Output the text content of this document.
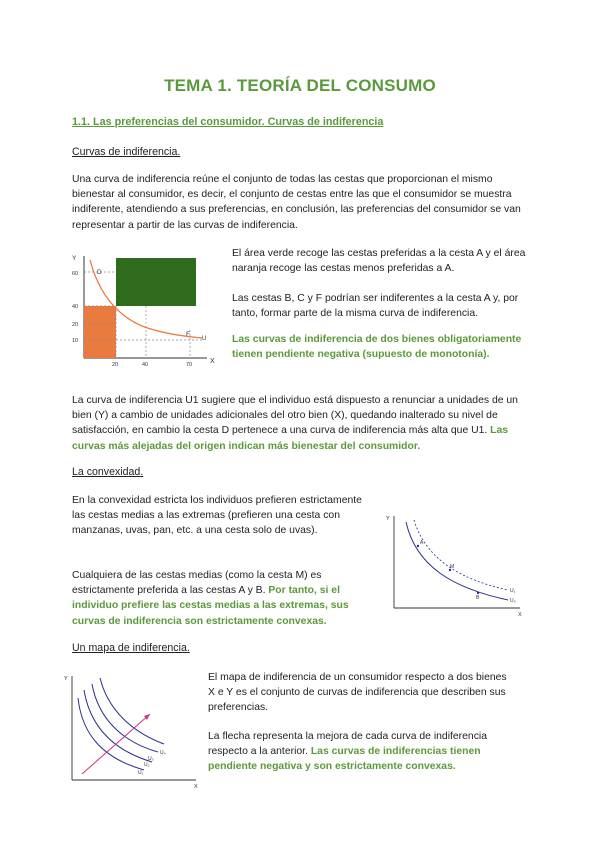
TEMA 1. TEORÍA DEL CONSUMO
1.1. Las preferencias del consumidor. Curvas de indiferencia
Curvas de indiferencia.

Una curva de indiferencia reúne el conjunto de todas las cestas que proporcionan el mismo bienestar al consumidor, es decir, el conjunto de cestas entre las que el consumidor se muestra indiferente, atendiendo a sus preferencias, en conclusión, las preferencias del consumidor se van representar a partir de las curvas de indiferencia.

Y
X
60
40
20
10
20	40	70
D
C
F
U

El área verde recoge las cestas preferidas a la cesta A y el área naranja recoge las cestas menos preferidas a A.

Las cestas B, C y F podrían ser indiferentes a la cesta A y, por tanto, formar parte de la misma curva de indiferencia.

Las curvas de indiferencia de dos bienes obligatoriamente tienen pendiente negativa (supuesto de monotonía).

La curva de indiferencia U1 sugiere que el individuo está dispuesto a renunciar a unidades de un bien (Y) a cambio de unidades adicionales del otro bien (X), quedando inalterado su nivel de satisfacción, en cambio la cesta D pertenece a una curva de indiferencia más alta que U1. Las curvas más alejadas del origen indican más bienestar del consumidor.

La convexidad.

En la convexidad estricta los individuos prefieren estrictamente las cestas medias a las extremas (prefieren una cesta con manzanas, uvas, pan, etc. a una cesta solo de uvas).

Cualquiera de las cestas medias (como la cesta M) es estrictamente preferida a las cestas A y B. Por tanto, si el individuo prefiere las cestas medias a las extremas, sus curvas de indiferencia son estrictamente convexas.

Y
X
A
M
B
U₁
U₀
Un mapa de indiferencia.

El mapa de indiferencia de un consumidor respecto a dos bienes X e Y es el conjunto de curvas de indiferencia que describen sus preferencias.

La flecha representa la mejora de cada curva de indiferencia respecto a la anterior. Las curvas de indiferencias tienen pendiente negativa y son estrictamente convexas.

Y
X
U₄
U₃
U₂
U₁
